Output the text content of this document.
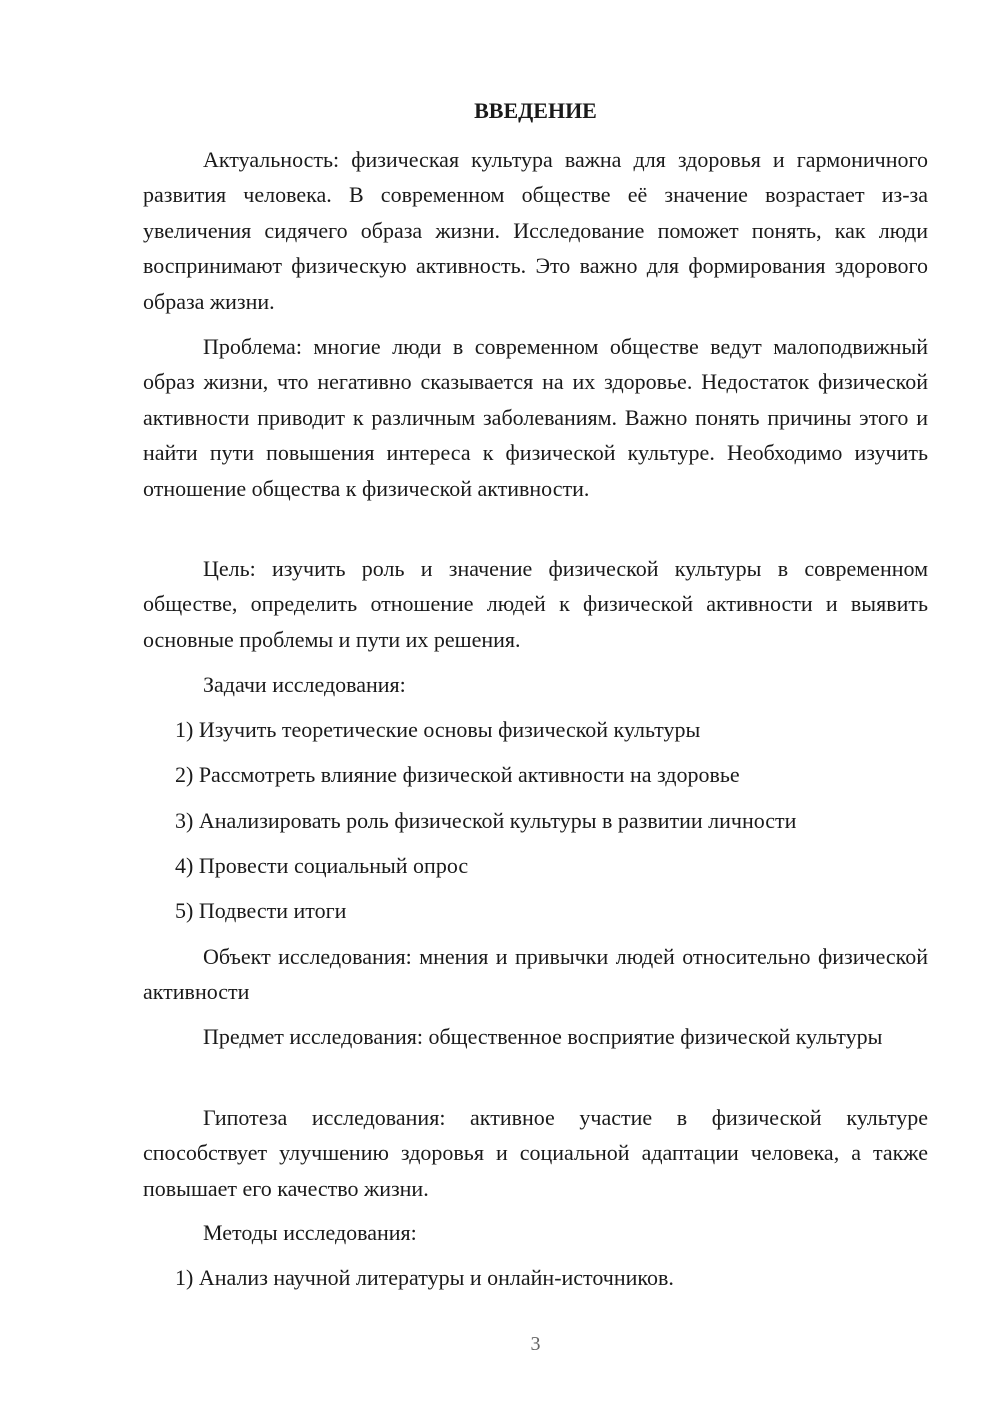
ВВЕДЕНИЕ

Актуальность: физическая культура важна для здоровья и гармоничного развития человека. В современном обществе её значение возрастает из-за увеличения сидячего образа жизни. Исследование поможет понять, как люди воспринимают физическую активность. Это важно для формирования здорового образа жизни.

Проблема: многие люди в современном обществе ведут малоподвижный образ жизни, что негативно сказывается на их здоровье. Недостаток физической активности приводит к различным заболеваниям. Важно понять причины этого и найти пути повышения интереса к физической культуре. Необходимо изучить отношение общества к физической активности.

Цель: изучить роль и значение физической культуры в современном обществе, определить отношение людей к физической активности и выявить основные проблемы и пути их решения.

Задачи исследования:

1) Изучить теоретические основы физической культуры

2) Рассмотреть влияние физической активности на здоровье

3) Анализировать роль физической культуры в развитии личности

4) Провести социальный опрос

5) Подвести итоги

Объект исследования: мнения и привычки людей относительно физической активности

Предмет исследования: общественное восприятие физической культуры

Гипотеза исследования: активное участие в физической культуре способствует улучшению здоровья и социальной адаптации человека, а также повышает его качество жизни.

Методы исследования:

1) Анализ научной литературы и онлайн-источников.

3
